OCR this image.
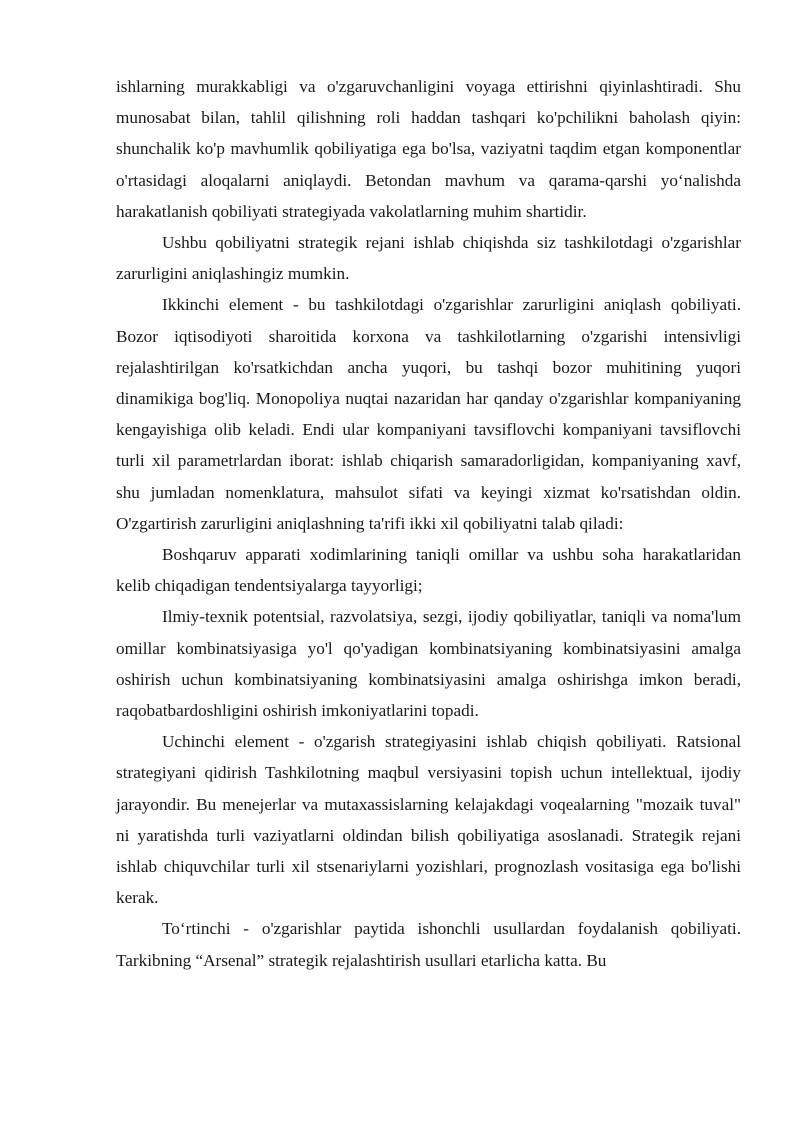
ishlarning murakkabligi va o'zgaruvchanligini voyaga ettirishni qiyinlashtiradi. Shu munosabat bilan, tahlil qilishning roli haddan tashqari ko'pchilikni baholash qiyin: shunchalik ko'p mavhumlik qobiliyatiga ega bo'lsa, vaziyatni taqdim etgan komponentlar o'rtasidagi aloqalarni aniqlaydi. Betondan mavhum va qarama-qarshi yo‘nalishda harakatlanish qobiliyati strategiyada vakolatlarning muhim shartidir.

Ushbu qobiliyatni strategik rejani ishlab chiqishda siz tashkilotdagi o'zgarishlar zarurligini aniqlashingiz mumkin.

Ikkinchi element - bu tashkilotdagi o'zgarishlar zarurligini aniqlash qobiliyati. Bozor iqtisodiyoti sharoitida korxona va tashkilotlarning o'zgarishi intensivligi rejalashtirilgan ko'rsatkichdan ancha yuqori, bu tashqi bozor muhitining yuqori dinamikiga bog'liq. Monopoliya nuqtai nazaridan har qanday o'zgarishlar kompaniyaning kengayishiga olib keladi. Endi ular kompaniyani tavsiflovchi kompaniyani tavsiflovchi turli xil parametrlardan iborat: ishlab chiqarish samaradorligidan, kompaniyaning xavf, shu jumladan nomenklatura, mahsulot sifati va keyingi xizmat ko'rsatishdan oldin. O'zgartirish zarurligini aniqlashning ta'rifi ikki xil qobiliyatni talab qiladi:

Boshqaruv apparati xodimlarining taniqli omillar va ushbu soha harakatlaridan kelib chiqadigan tendentsiyalarga tayyorligi;

Ilmiy-texnik potentsial, razvolatsiya, sezgi, ijodiy qobiliyatlar, taniqli va noma'lum omillar kombinatsiyasiga yo'l qo'yadigan kombinatsiyaning kombinatsiyasini amalga oshirish uchun kombinatsiyaning kombinatsiyasini amalga oshirishga imkon beradi, raqobatbardoshligini oshirish imkoniyatlarini topadi.

Uchinchi element - o'zgarish strategiyasini ishlab chiqish qobiliyati. Ratsional strategiyani qidirish Tashkilotning maqbul versiyasini topish uchun intellektual, ijodiy jarayondir. Bu menejerlar va mutaxassislarning kelajakdagi voqealarning "mozaik tuval" ni yaratishda turli vaziyatlarni oldindan bilish qobiliyatiga asoslanadi. Strategik rejani ishlab chiquvchilar turli xil stsenariylarni yozishlari, prognozlash vositasiga ega bo'lishi kerak.

To‘rtinchi - o'zgarishlar paytida ishonchli usullardan foydalanish qobiliyati. Tarkibning “Arsenal” strategik rejalashtirish usullari etarlicha katta. Bu
